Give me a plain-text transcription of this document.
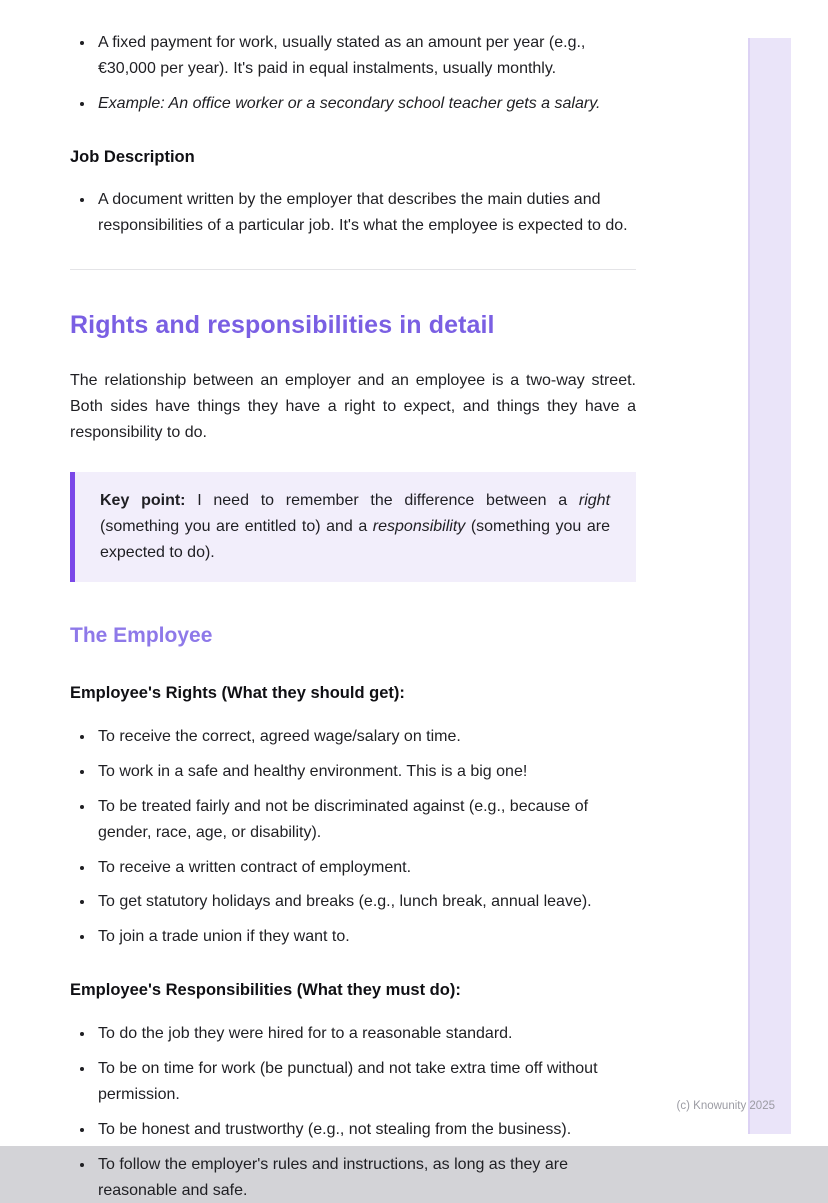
• A fixed payment for work, usually stated as an amount per year (e.g., €30,000 per year). It's paid in equal instalments, usually monthly.
• Example: An office worker or a secondary school teacher gets a salary.
Job Description
• A document written by the employer that describes the main duties and responsibilities of a particular job. It's what the employee is expected to do.
Rights and responsibilities in detail

The relationship between an employer and an employee is a two-way street. Both sides have things they have a right to expect, and things they have a responsibility to do.

Key point: I need to remember the difference between a right (something you are entitled to) and a responsibility (something you are expected to do).

The Employee
Employee's Rights (What they should get):
• To receive the correct, agreed wage/salary on time.
• To work in a safe and healthy environment. This is a big one!
• To be treated fairly and not be discriminated against (e.g., because of gender, race, age, or disability).
• To receive a written contract of employment.
• To get statutory holidays and breaks (e.g., lunch break, annual leave).
• To join a trade union if they want to.
Employee's Responsibilities (What they must do):
• To do the job they were hired for to a reasonable standard.
• To be on time for work (be punctual) and not take extra time off without permission.
• To be honest and trustworthy (e.g., not stealing from the business).
• To follow the employer's rules and instructions, as long as they are reasonable and safe.
(c) Knowunity 2025
